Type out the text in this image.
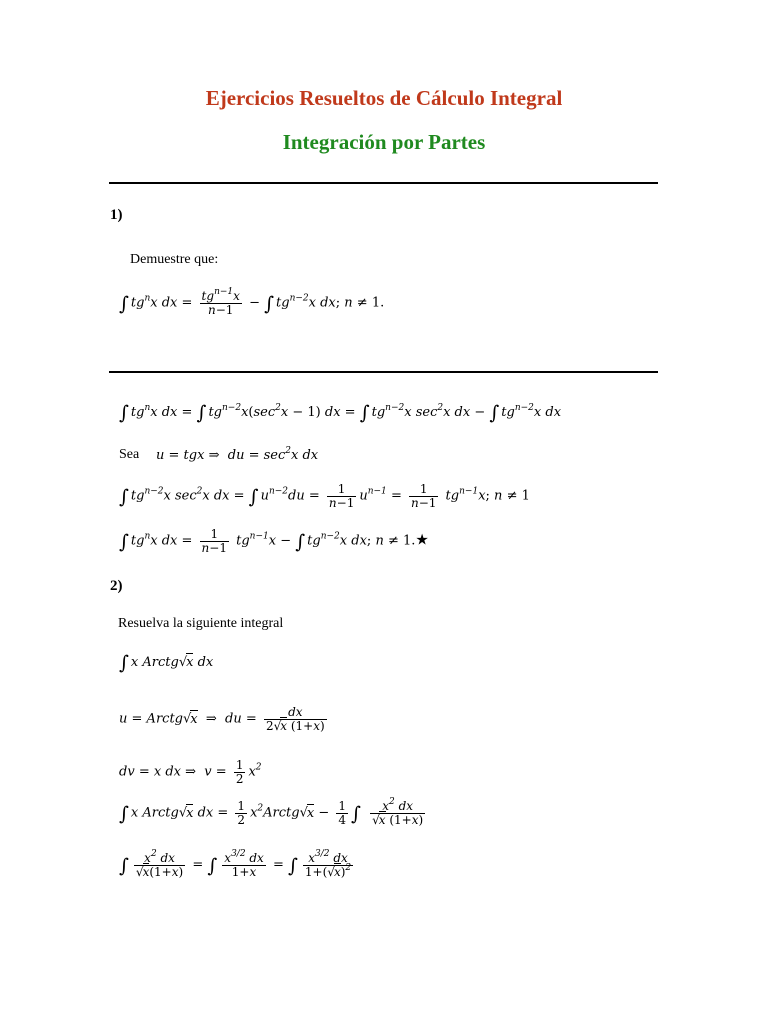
Ejercicios Resueltos de Cálculo Integral
Integración por Partes
1)
Demuestre que:
∫ $tg^nx$ dx = $\frac{tg^{n-1}x}{n-1}$ − ∫ $tg^{n-2}x$ dx; n ≠ 1.
∫ $tg^nx$ dx = ∫ $tg^{n-2}x(\sec^2x - 1)$ dx = ∫ $tg^{n-2}x$ $\sec^2x$ dx − ∫ $tg^{n-2}x$ dx
Sea u = tgx ⇒  du = $\sec^2x$ dx
∫ $tg^{n-2}x$ $\sec^2x$ dx = ∫ $u^{n-2}du = \frac{1}{n-1} u^{n-1} = \frac{1}{n-1} tg^{n-1}x$; n ≠ 1
∫ $tg^nx$ dx = $\frac{1}{n-1} tg^{n-1}x$ − ∫ $tg^{n-2}x$ dx; n ≠ 1.★
2)
Resuelva la siguiente integral
∫ x Arctg√x dx
u = Arctg√x ⇒  du = $\frac{dx}{2√x (1+x)}$
dv = x dx ⇒  $v = \frac{1}{2} x^2$
∫ x Arctg√x dx = $\frac{1}{2}$ $x^2Arctg√x - \frac{1}{4}$ ∫ $\frac{x^2 dx}{√x (1+x)}$
∫ $\frac{x^2 dx}{√x(1+x)}$ = ∫ $\frac{x^{3/2} dx}{1+x}$ = ∫ $\frac{x^{3/2} dx}{1+(√x)^2}$
